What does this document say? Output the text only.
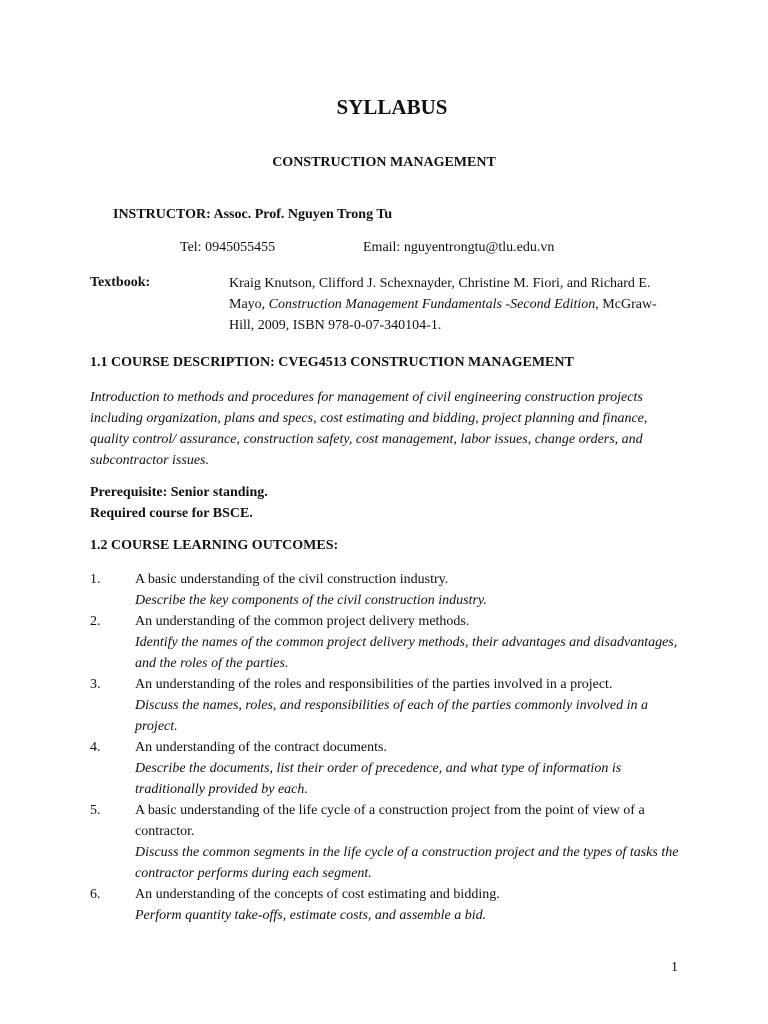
SYLLABUS
CONSTRUCTION MANAGEMENT
INSTRUCTOR: Assoc. Prof. Nguyen Trong Tu
Tel: 0945055455	Email: nguyentrongtu@tlu.edu.vn
Textbook:	Kraig Knutson, Clifford J. Schexnayder, Christine M. Fiori, and Richard E. Mayo, Construction Management Fundamentals -Second Edition, McGraw-Hill, 2009, ISBN 978-0-07-340104-1.
1.1 COURSE DESCRIPTION: CVEG4513 CONSTRUCTION MANAGEMENT
Introduction to methods and procedures for management of civil engineering construction projects including organization, plans and specs, cost estimating and bidding, project planning and finance, quality control/ assurance, construction safety, cost management, labor issues, change orders, and subcontractor issues.
Prerequisite: Senior standing.
Required course for BSCE.
1.2 COURSE LEARNING OUTCOMES:
1.	A basic understanding of the civil construction industry.
Describe the key components of the civil construction industry.
2.	An understanding of the common project delivery methods.
Identify the names of the common project delivery methods, their advantages and disadvantages, and the roles of the parties.
3.	An understanding of the roles and responsibilities of the parties involved in a project.
Discuss the names, roles, and responsibilities of each of the parties commonly involved in a project.
4.	An understanding of the contract documents.
Describe the documents, list their order of precedence, and what type of information is traditionally provided by each.
5.	A basic understanding of the life cycle of a construction project from the point of view of a contractor.
Discuss the common segments in the life cycle of a construction project and the types of tasks the contractor performs during each segment.
6.	An understanding of the concepts of cost estimating and bidding.
Perform quantity take-offs, estimate costs, and assemble a bid.
1
